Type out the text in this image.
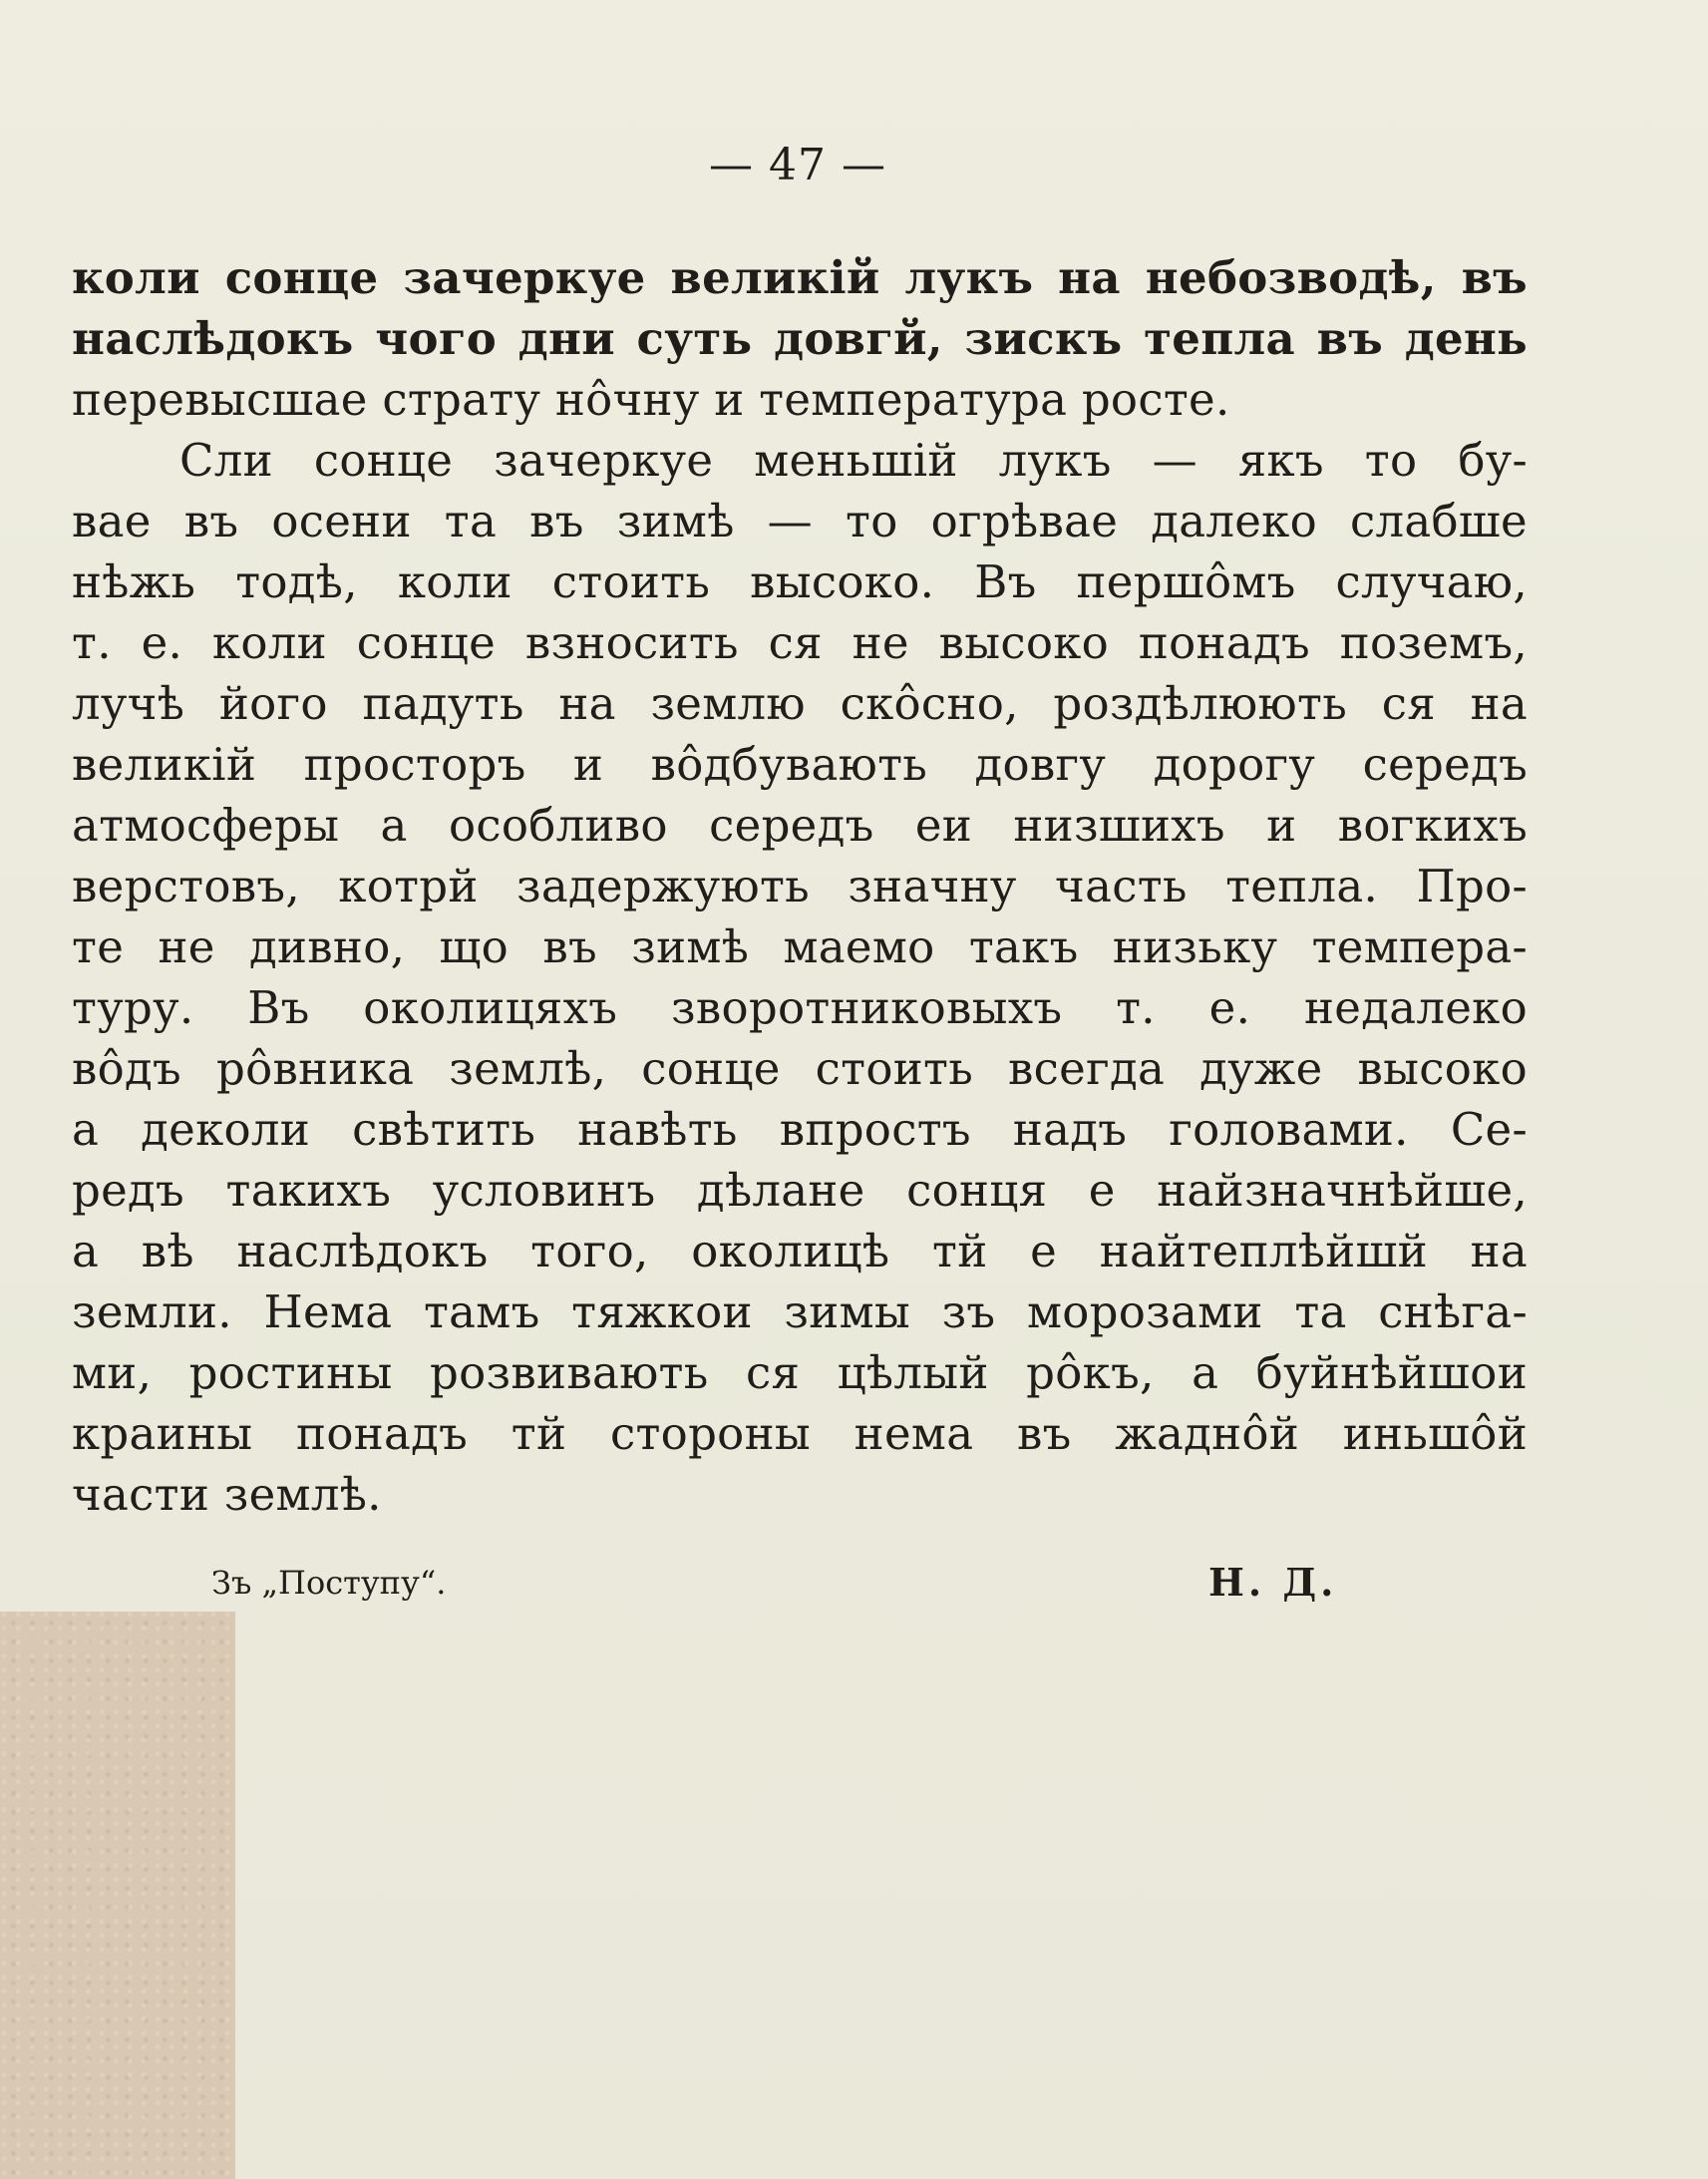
— 47 —

коли сонце зачеркуе великій лукъ на небозводѣ, въ
наслѣдокъ чого дни суть довгй, зискъ тепла въ день
перевысшае страту нôчну и температура росте.
Сли сонце зачеркуе меньшій лукъ — якъ то бу-
вае въ осени та въ зимѣ — то огрѣвае далеко слабше
нѣжь тодѣ, коли стоить высоко. Въ першôмъ случаю,
т. е. коли сонце взносить ся не высоко понадъ поземъ,
лучѣ його падуть на землю скôсно, роздѣлюють ся на
великій просторъ и вôдбувають довгу дорогу середъ
атмосферы а особливо середъ еи низшихъ и вогкихъ
верстовъ, котрй задержують значну часть тепла. Про-
те не дивно, що въ зимѣ маемо такъ низьку темпера-
туру. Въ околицяхъ зворотниковыхъ т. е. недалеко
вôдъ рôвника землѣ, сонце стоить всегда дуже высоко
а деколи свѣтить навѣть впростъ надъ головами. Се-
редъ такихъ условинъ дѣлане сонця е найзначнѣйше,
а вѣ наслѣдокъ того, околицѣ тй е найтеплѣйшй на
земли. Нема тамъ тяжкои зимы зъ морозами та снѣга-
ми, ростины розвивають ся цѣлый рôкъ, а буйнѣйшои
краины понадъ тй стороны нема въ жаднôй иньшôй
части землѣ.

Зъ „Поступу“.	Н. Д.
